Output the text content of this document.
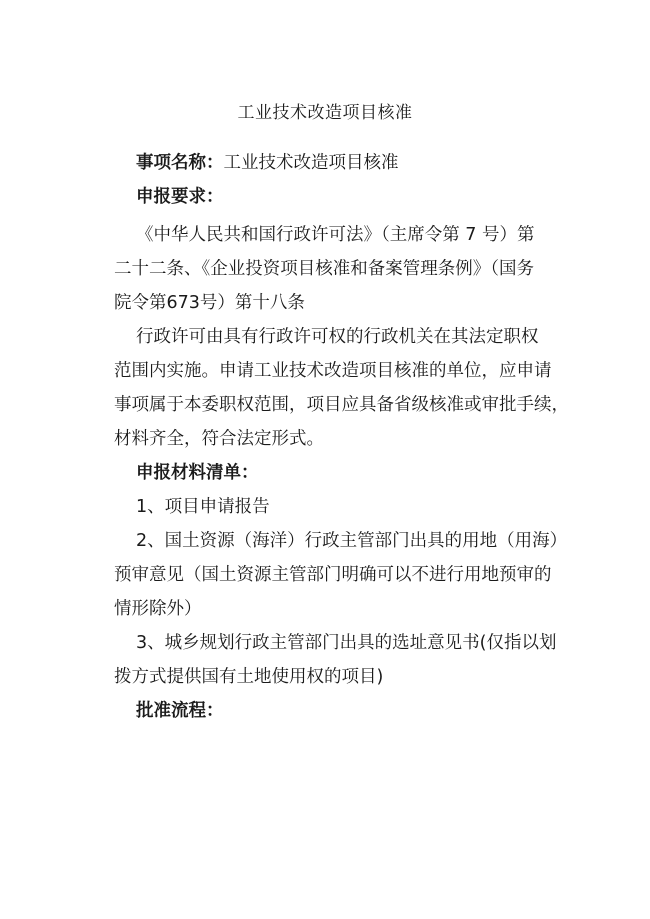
工业技术改造项目核准
事项名称：工业技术改造项目核准
申报要求：
《中华人民共和国行政许可法》（主席令第 7 号）第
二十二条、《企业投资项目核准和备案管理条例》（国务
院令第673号）第十八条
行政许可由具有行政许可权的行政机关在其法定职权
范围内实施。申请工业技术改造项目核准的单位，应申请
事项属于本委职权范围，项目应具备省级核准或审批手续，
材料齐全，符合法定形式。
申报材料清单：
1、项目申请报告
2、国土资源（海洋）行政主管部门出具的用地（用海）
预审意见（国土资源主管部门明确可以不进行用地预审的
情形除外）
3、城乡规划行政主管部门出具的选址意见书(仅指以划
拨方式提供国有土地使用权的项目)
批准流程：
